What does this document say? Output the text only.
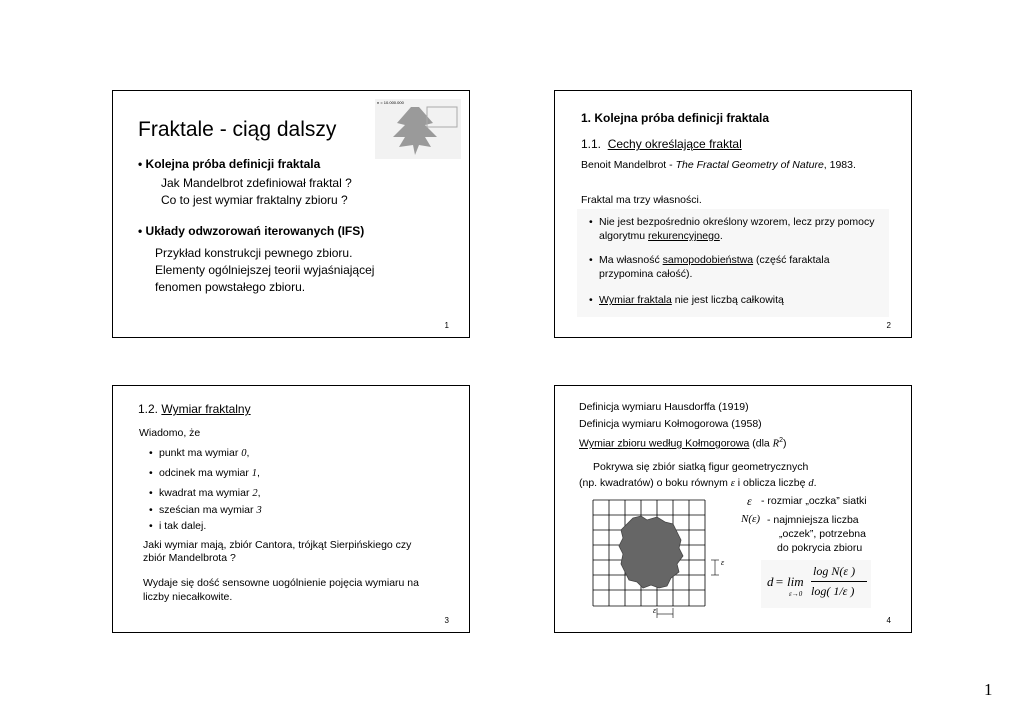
1
Fraktale - ciąg dalszy
n = 10.000.000
• Kolejna próba definicji fraktala
Jak Mandelbrot zdefiniował fraktal ?
Co to jest wymiar fraktalny zbioru ?
• Układy odwzorowań iterowanych (IFS)
Przykład konstrukcji pewnego zbioru.
Elementy ogólniejszej teorii wyjaśniającej
fenomen powstałego zbioru.
1
1. Kolejna próba definicji fraktala
1.1. Cechy określające fraktal
Benoit Mandelbrot - The Fractal Geometry of Nature, 1983.
Fraktal ma trzy własności.
• Nie jest bezpośrednio określony wzorem, lecz przy pomocy
algorytmu rekurencyjnego.
• Ma własność samopodobieństwa (część faraktala
przypomina całość).
• Wymiar fraktala nie jest liczbą całkowitą
2
1.2. Wymiar fraktalny
Wiadomo, że
• punkt ma wymiar 0,
• odcinek ma wymiar 1,
• kwadrat ma wymiar 2,
• sześcian ma wymiar 3
• i tak dalej.
Jaki wymiar mają, zbiór Cantora, trójkąt Sierpińskiego czy
zbiór Mandelbrota ?
Wydaje się dość sensowne uogólnienie pojęcia wymiaru na
liczby niecałkowite.
3
Definicja wymiaru Hausdorffa (1919)
Definicja wymiaru Kołmogorowa (1958)
Wymiar zbioru według Kołmogorowa (dla $R^2$)
Pokrywa się zbiór siatką figur geometrycznych
(np. kwadratów) o boku równym ε i oblicza liczbę d.
ε
ε
ε - rozmiar „oczka” siatki
N(ε) - najmniejsza liczba
„oczek”, potrzebna
do pokrycia zbioru
d = lim
ε→0
log N(ε )
log( 1/ε )
4
